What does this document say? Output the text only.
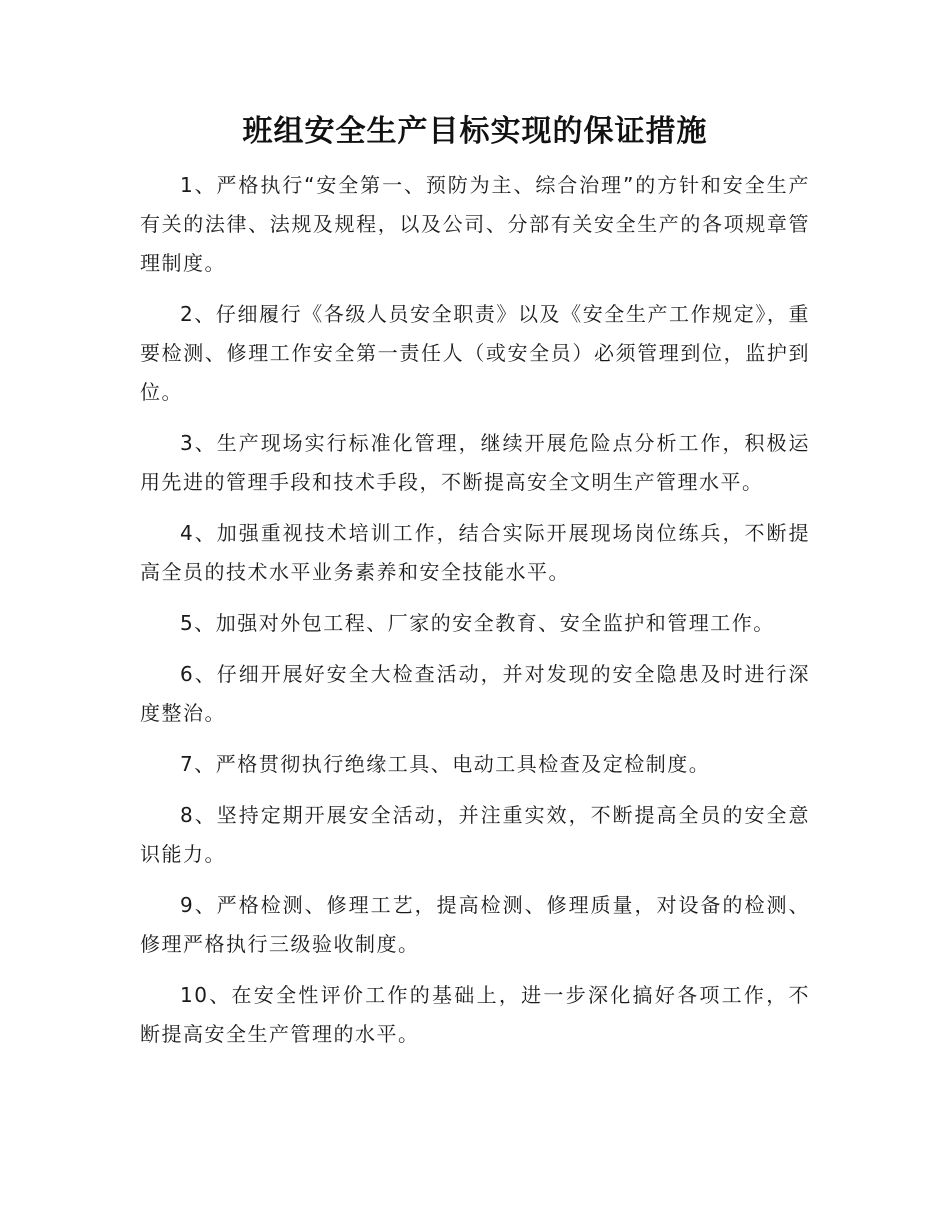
班组安全生产目标实现的保证措施

1、严格执行“安全第一、预防为主、综合治理”的方针和安全生产有关的法律、法规及规程，以及公司、分部有关安全生产的各项规章管理制度。

2、仔细履行《各级人员安全职责》以及《安全生产工作规定》，重要检测、修理工作安全第一责任人（或安全员）必须管理到位，监护到位。

3、生产现场实行标准化管理，继续开展危险点分析工作，积极运用先进的管理手段和技术手段，不断提高安全文明生产管理水平。

4、加强重视技术培训工作，结合实际开展现场岗位练兵，不断提高全员的技术水平业务素养和安全技能水平。

5、加强对外包工程、厂家的安全教育、安全监护和管理工作。

6、仔细开展好安全大检查活动，并对发现的安全隐患及时进行深度整治。

7、严格贯彻执行绝缘工具、电动工具检查及定检制度。

8、坚持定期开展安全活动，并注重实效，不断提高全员的安全意识能力。

9、严格检测、修理工艺，提高检测、修理质量，对设备的检测、修理严格执行三级验收制度。

10、在安全性评价工作的基础上，进一步深化搞好各项工作，不断提高安全生产管理的水平。
